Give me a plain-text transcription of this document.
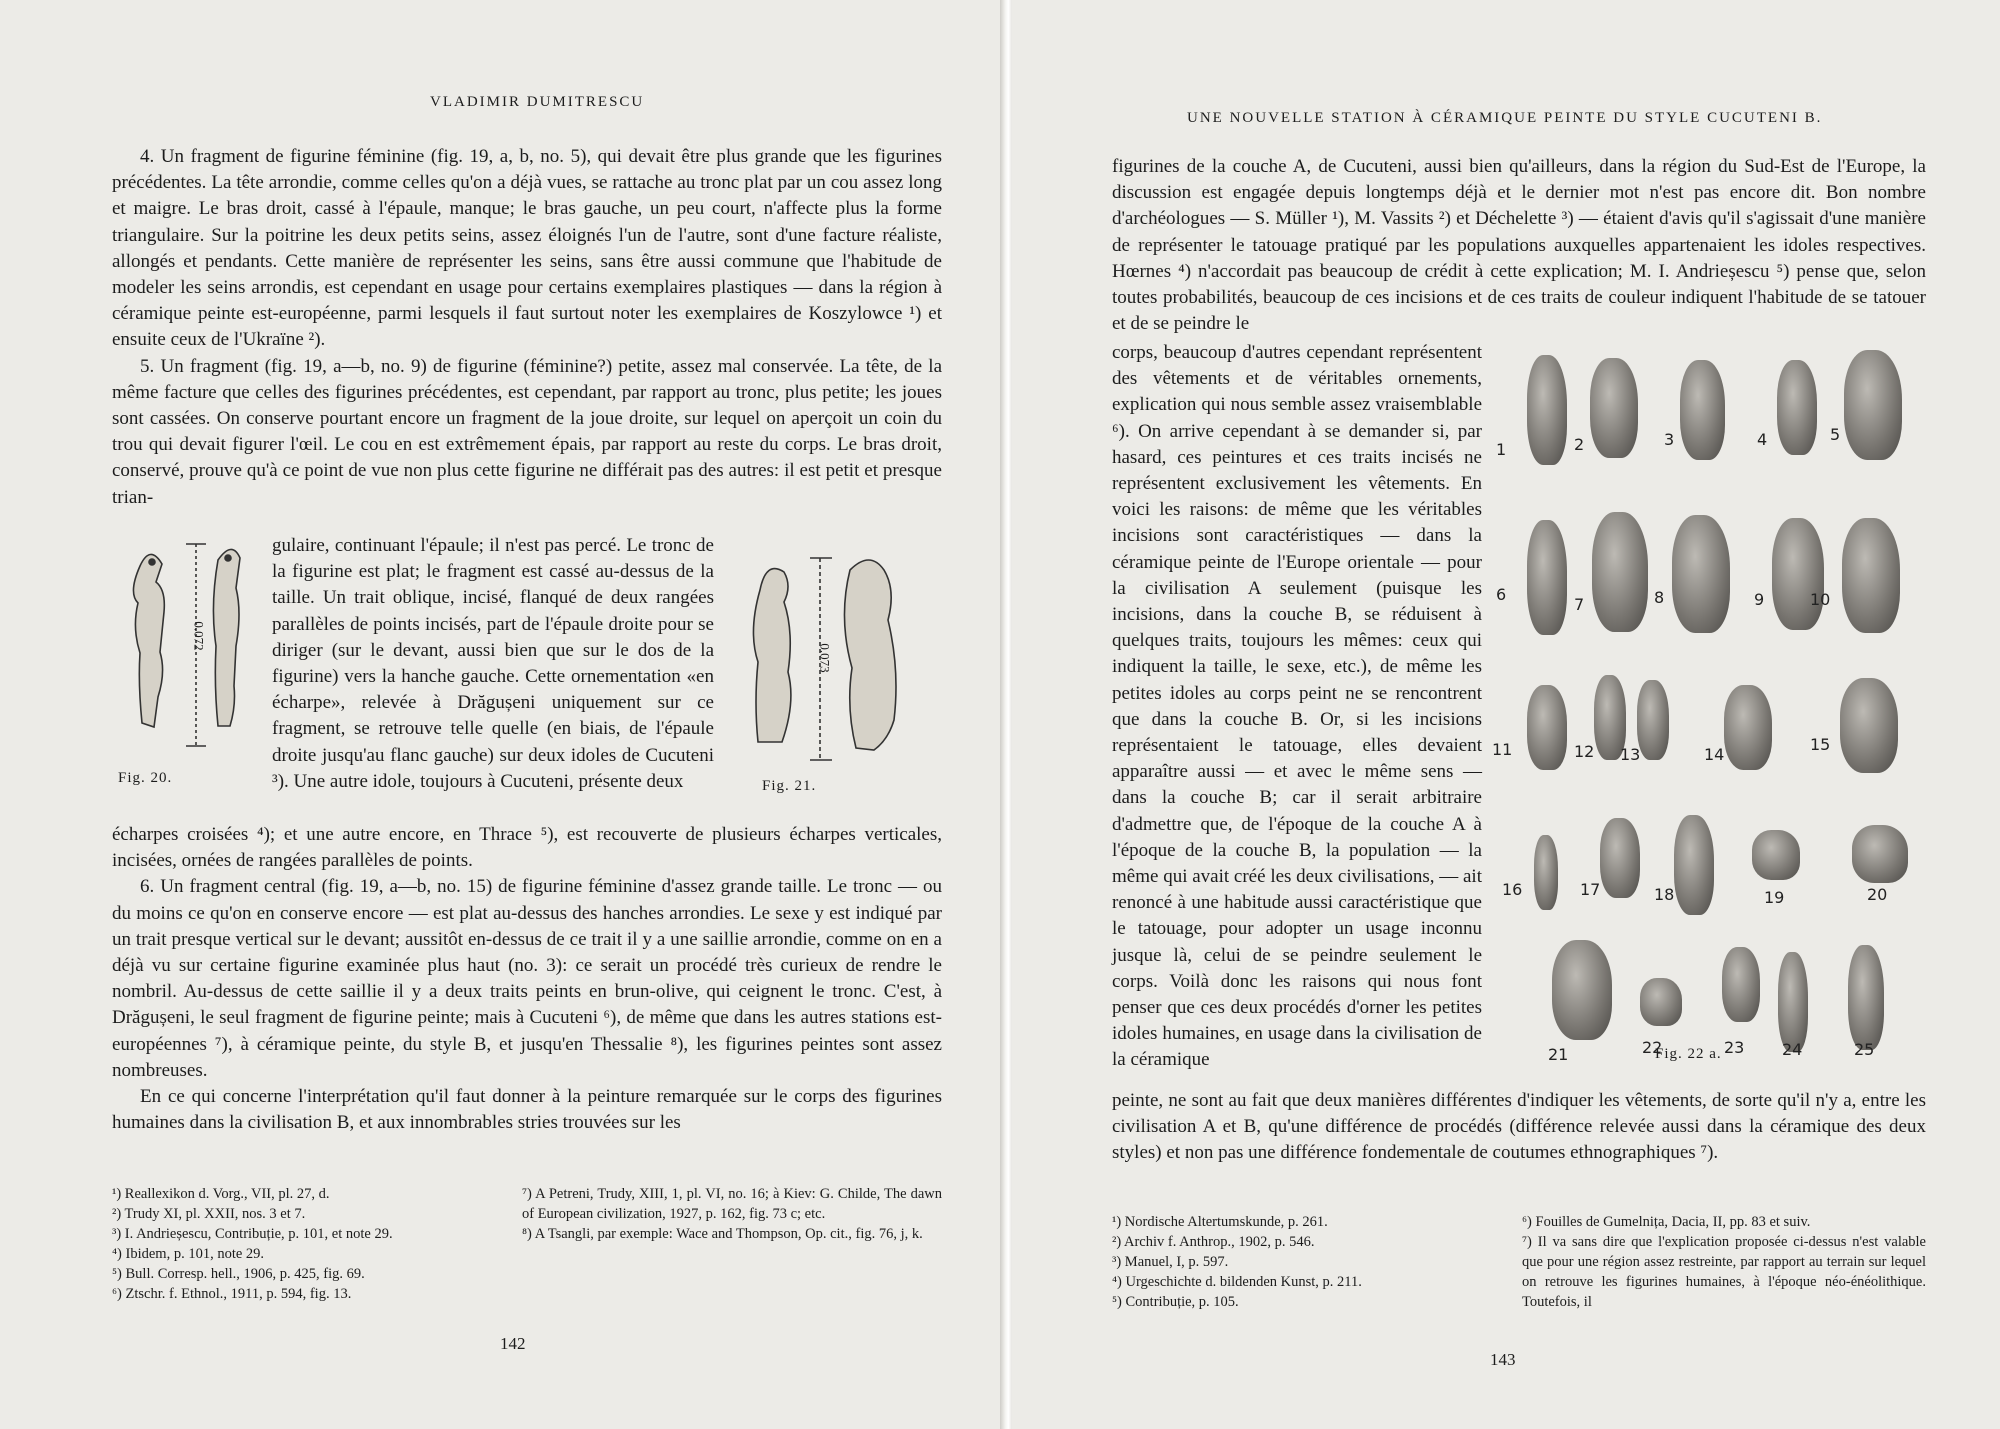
VLADIMIR DUMITRESCU

4. Un fragment de figurine féminine (fig. 19, a, b, no. 5), qui devait être plus grande que les figurines précédentes. La tête arrondie, comme celles qu'on a déjà vues, se rattache au tronc plat par un cou assez long et maigre. Le bras droit, cassé à l'épaule, manque; le bras gauche, un peu court, n'affecte plus la forme triangulaire. Sur la poitrine les deux petits seins, assez éloignés l'un de l'autre, sont d'une facture réaliste, allongés et pendants. Cette manière de représenter les seins, sans être aussi commune que l'habitude de modeler les seins arrondis, est cependant en usage pour certains exemplaires plastiques — dans la région à céramique peinte est-européenne, parmi lesquels il faut surtout noter les exemplaires de Koszylowce ¹) et ensuite ceux de l'Ukraïne ²).

5. Un fragment (fig. 19, a—b, no. 9) de figurine (féminine?) petite, assez mal conservée. La tête, de la même facture que celles des figurines précédentes, est cependant, par rapport au tronc, plus petite; les joues sont cassées. On conserve pourtant encore un fragment de la joue droite, sur lequel on aperçoit un coin du trou qui devait figurer l'œil. Le cou en est extrêmement épais, par rapport au reste du corps. Le bras droit, conservé, prouve qu'à ce point de vue non plus cette figurine ne différait pas des autres: il est petit et presque trian-

0.072
Fig. 20.
gulaire, continuant l'épaule; il n'est pas percé. Le tronc de la figurine est plat; le fragment est cassé au-dessus de la taille. Un trait oblique, incisé, flanqué de deux rangées parallèles de points incisés, part de l'épaule droite pour se diriger (sur le devant, aussi bien que sur le dos de la figurine) vers la hanche gauche. Cette ornementation «en écharpe», relevée à Drăgușeni uniquement sur ce fragment, se retrouve telle quelle (en biais, de l'épaule droite jusqu'au flanc gauche) sur deux idoles de Cucuteni ³). Une autre idole, toujours à Cucuteni, présente deux
0.073
Fig. 21.

écharpes croisées ⁴); et une autre encore, en Thrace ⁵), est recouverte de plusieurs écharpes verticales, incisées, ornées de rangées parallèles de points.

6. Un fragment central (fig. 19, a—b, no. 15) de figurine féminine d'assez grande taille. Le tronc — ou du moins ce qu'on en conserve encore — est plat au-dessus des hanches arrondies. Le sexe y est indiqué par un trait presque vertical sur le devant; aussitôt en-dessus de ce trait il y a une saillie arrondie, comme on en a déjà vu sur certaine figurine examinée plus haut (no. 3): ce serait un procédé très curieux de rendre le nombril. Au-dessus de cette saillie il y a deux traits peints en brun-olive, qui ceignent le tronc. C'est, à Drăgușeni, le seul fragment de figurine peinte; mais à Cucuteni ⁶), de même que dans les autres stations est-européennes ⁷), à céramique peinte, du style B, et jusqu'en Thessalie ⁸), les figurines peintes sont assez nombreuses.

En ce qui concerne l'interprétation qu'il faut donner à la peinture remarquée sur le corps des figurines humaines dans la civilisation B, et aux innombrables stries trouvées sur les

¹) Reallexikon d. Vorg., VII, pl. 27, d.
²) Trudy XI, pl. XXII, nos. 3 et 7.
³) I. Andrieșescu, Contribuție, p. 101, et note 29.
⁴) Ibidem, p. 101, note 29.
⁵) Bull. Corresp. hell., 1906, p. 425, fig. 69.
⁶) Ztschr. f. Ethnol., 1911, p. 594, fig. 13.
⁷) A Petreni, Trudy, XIII, 1, pl. VI, no. 16; à Kiev: G. Childe, The dawn of European civilization, 1927, p. 162, fig. 73 c; etc.
⁸) A Tsangli, par exemple: Wace and Thompson, Op. cit., fig. 76, j, k.
142
UNE NOUVELLE STATION À CÉRAMIQUE PEINTE DU STYLE CUCUTENI B.

figurines de la couche A, de Cucuteni, aussi bien qu'ailleurs, dans la région du Sud-Est de l'Europe, la discussion est engagée depuis longtemps déjà et le dernier mot n'est pas encore dit. Bon nombre d'archéologues — S. Müller ¹), M. Vassits ²) et Déchelette ³) — étaient d'avis qu'il s'agissait d'une manière de représenter le tatouage pratiqué par les populations auxquelles appartenaient les idoles respectives. Hœrnes ⁴) n'accordait pas beaucoup de crédit à cette explication; M. I. Andrieșescu ⁵) pense que, selon toutes probabilités, beaucoup de ces incisions et de ces traits de couleur indiquent l'habitude de se tatouer et de se peindre le

corps, beaucoup d'autres cependant représentent des vêtements et de véritables ornements, explication qui nous semble assez vraisemblable ⁶). On arrive cependant à se demander si, par hasard, ces peintures et ces traits incisés ne représentent exclusivement les vêtements. En voici les raisons: de même que les véritables incisions sont caractéristiques — dans la céramique peinte de l'Europe orientale — pour la civilisation A seulement (puisque les incisions, dans la couche B, se réduisent à quelques traits, toujours les mêmes: ceux qui indiquent la taille, le sexe, etc.), de même les petites idoles au corps peint ne se rencontrent que dans la couche B. Or, si les incisions représentaient le tatouage, elles devaient apparaître aussi — et avec le même sens — dans la couche B; car il serait arbitraire d'admettre que, de l'époque de la couche A à l'époque de la couche B, la population — la même qui avait créé les deux civilisations, — ait renoncé à une habitude aussi caractéristique que le tatouage, pour adopter un usage inconnu jusque là, celui de se peindre seulement le corps. Voilà donc les raisons qui nous font penser que ces deux procédés d'orner les petites idoles humaines, en usage dans la civilisation de la céramique
1	2	3	4	5
6
7	8	9	10
11	12 13	14
15
16	17	18	19	20
21	22	23 24	25
Fig. 22 a.

peinte, ne sont au fait que deux manières différentes d'indiquer les vêtements, de sorte qu'il n'y a, entre les civilisation A et B, qu'une différence de procédés (différence relevée aussi dans la céramique des deux styles) et non pas une différence fondementale de coutumes ethnographiques ⁷).

¹) Nordische Altertumskunde, p. 261.
²) Archiv f. Anthrop., 1902, p. 546.
³) Manuel, I, p. 597.
⁴) Urgeschichte d. bildenden Kunst, p. 211.
⁵) Contribuție, p. 105.
⁶) Fouilles de Gumelnița, Dacia, II, pp. 83 et suiv.
⁷) Il va sans dire que l'explication proposée ci-dessus n'est valable que pour une région assez restreinte, par rapport au terrain sur lequel on retrouve les figurines humaines, à l'époque néo-énéolithique. Toutefois, il
143
